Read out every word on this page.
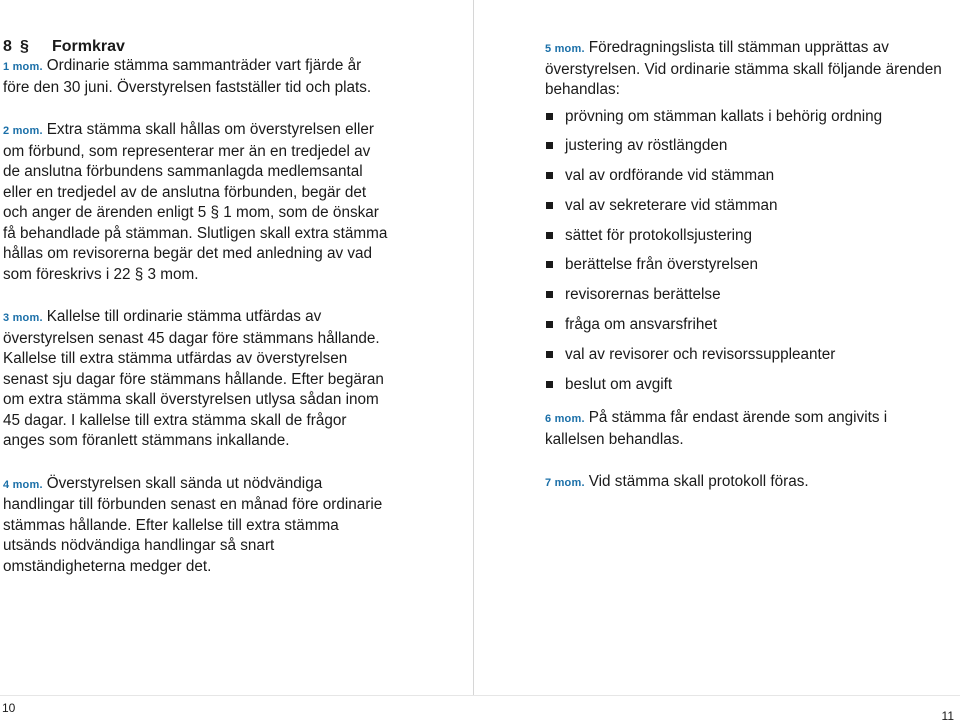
8 §	Formkrav

1 mom. Ordinarie stämma sammanträder vart fjärde år före den 30 juni. Överstyrelsen fastställer tid och plats.

2 mom. Extra stämma skall hållas om överstyrelsen eller om förbund, som representerar mer än en tredjedel av de anslutna förbundens sammanlagda medlemsantal eller en tredjedel av de anslutna förbunden, begär det och anger de ärenden enligt 5 § 1 mom, som de önskar få behandlade på stämman. Slutligen skall extra stämma hållas om revisorerna begär det med anledning av vad som föreskrivs i 22 § 3 mom.

3 mom. Kallelse till ordinarie stämma utfärdas av överstyrelsen senast 45 dagar före stämmans hållande. Kallelse till extra stämma utfärdas av överstyrelsen senast sju dagar före stämmans hållande. Efter begäran om extra stämma skall överstyrelsen utlysa sådan inom 45 dagar. I kallelse till extra stämma skall de frågor anges som föranlett stämmans inkallande.

4 mom. Överstyrelsen skall sända ut nödvändiga handlingar till förbunden senast en månad före ordinarie stämmas hållande. Efter kallelse till extra stämma utsänds nödvändiga handlingar så snart omständigheterna medger det.

5 mom. Föredragningslista till stämman upprättas av överstyrelsen. Vid ordinarie stämma skall följande ärenden behandlas:

prövning om stämman kallats i behörig ordning
justering av röstlängden
val av ordförande vid stämman
val av sekreterare vid stämman
sättet för protokollsjustering
berättelse från överstyrelsen
revisorernas berättelse
fråga om ansvarsfrihet
val av revisorer och revisorssuppleanter
beslut om avgift

6 mom. På stämma får endast ärende som angivits i kallelsen behandlas.

7 mom. Vid stämma skall protokoll föras.

10
11
